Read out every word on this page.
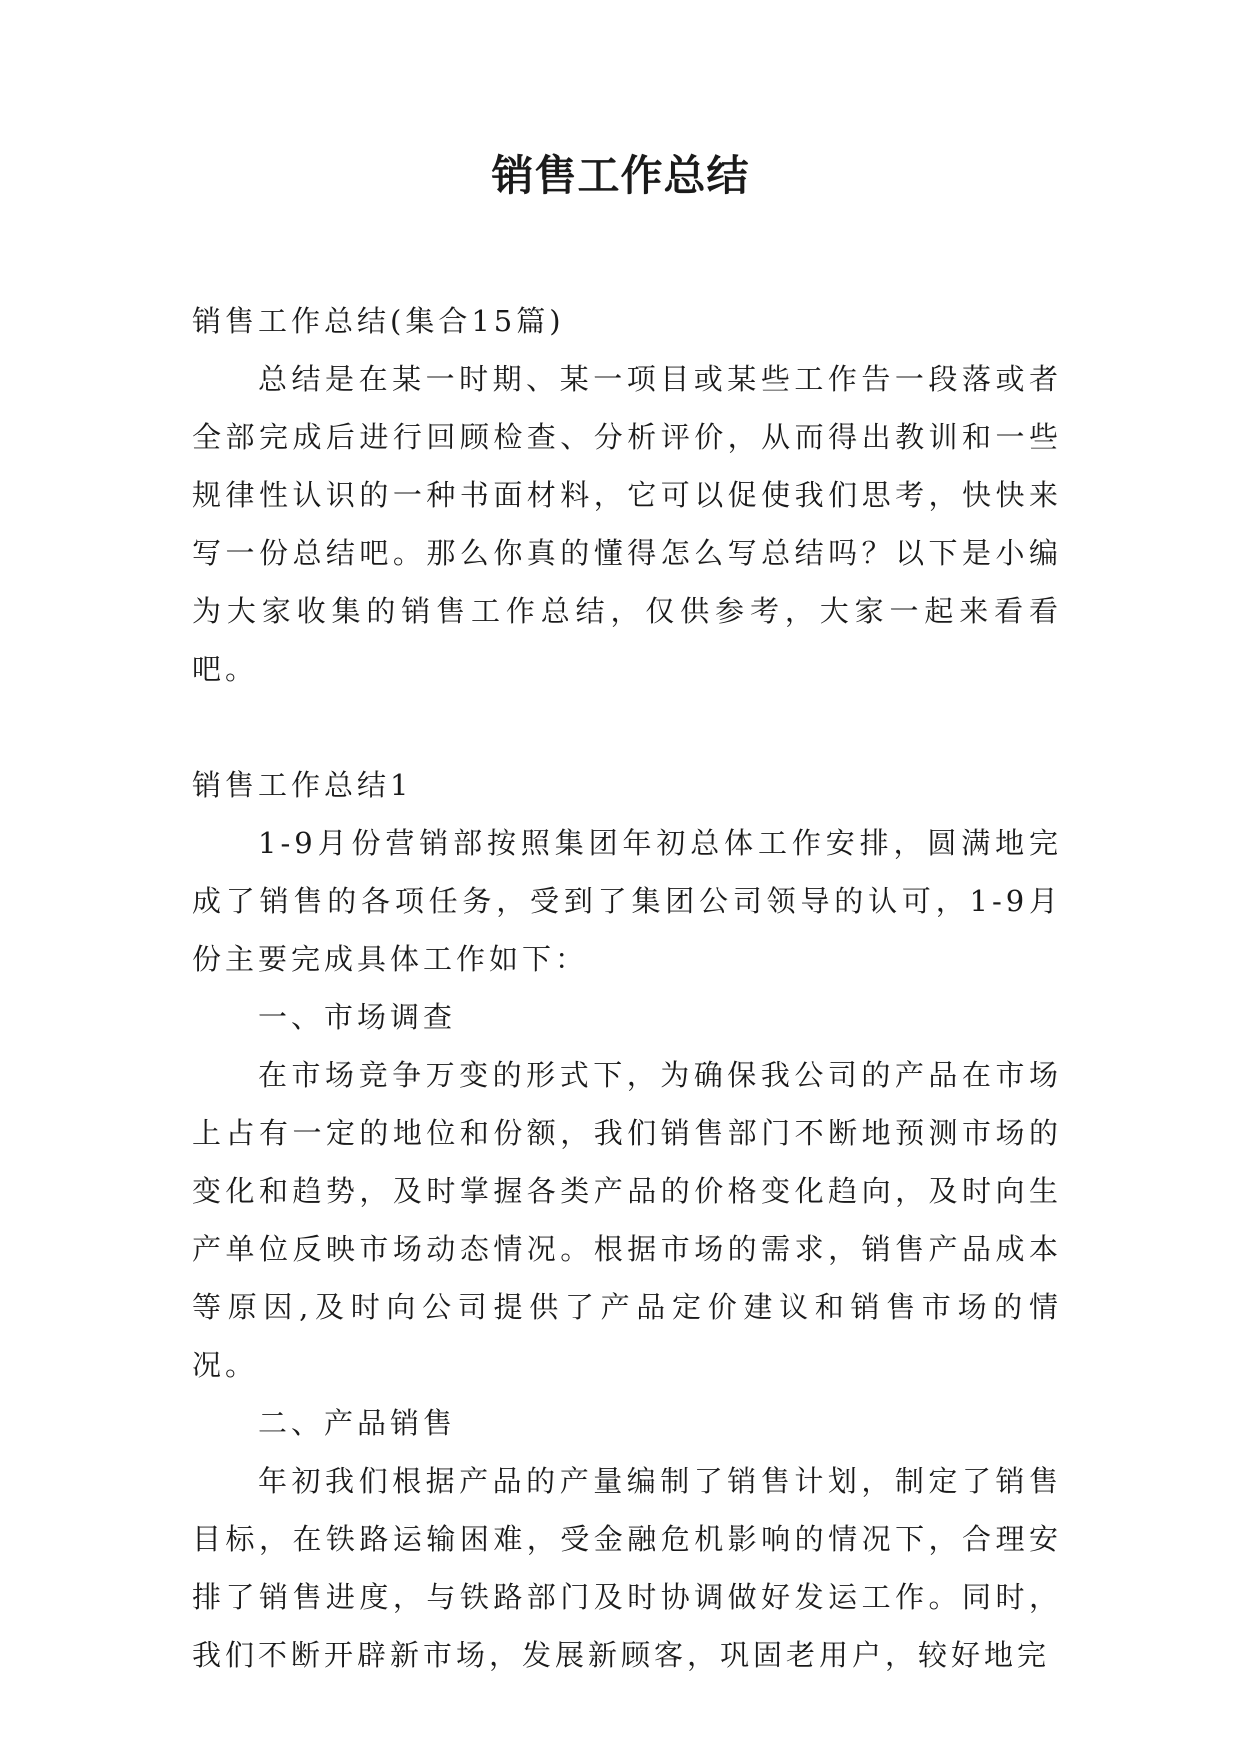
销售工作总结

销售工作总结(集合15篇)

总结是在某一时期、某一项目或某些工作告一段落或者全部完成后进行回顾检查、分析评价，从而得出教训和一些规律性认识的一种书面材料，它可以促使我们思考，快快来写一份总结吧。那么你真的懂得怎么写总结吗？以下是小编为大家收集的销售工作总结，仅供参考，大家一起来看看吧。

销售工作总结1

1-9月份营销部按照集团年初总体工作安排，圆满地完成了销售的各项任务，受到了集团公司领导的认可，1-9月份主要完成具体工作如下：

一、市场调查

在市场竞争万变的形式下，为确保我公司的产品在市场上占有一定的地位和份额，我们销售部门不断地预测市场的变化和趋势，及时掌握各类产品的价格变化趋向，及时向生产单位反映市场动态情况。根据市场的需求，销售产品成本等原因,及时向公司提供了产品定价建议和销售市场的情况。

二、产品销售

年初我们根据产品的产量编制了销售计划，制定了销售目标，在铁路运输困难，受金融危机影响的情况下，合理安排了销售进度，与铁路部门及时协调做好发运工作。同时，我们不断开辟新市场，发展新顾客，巩固老用户，较好地完
